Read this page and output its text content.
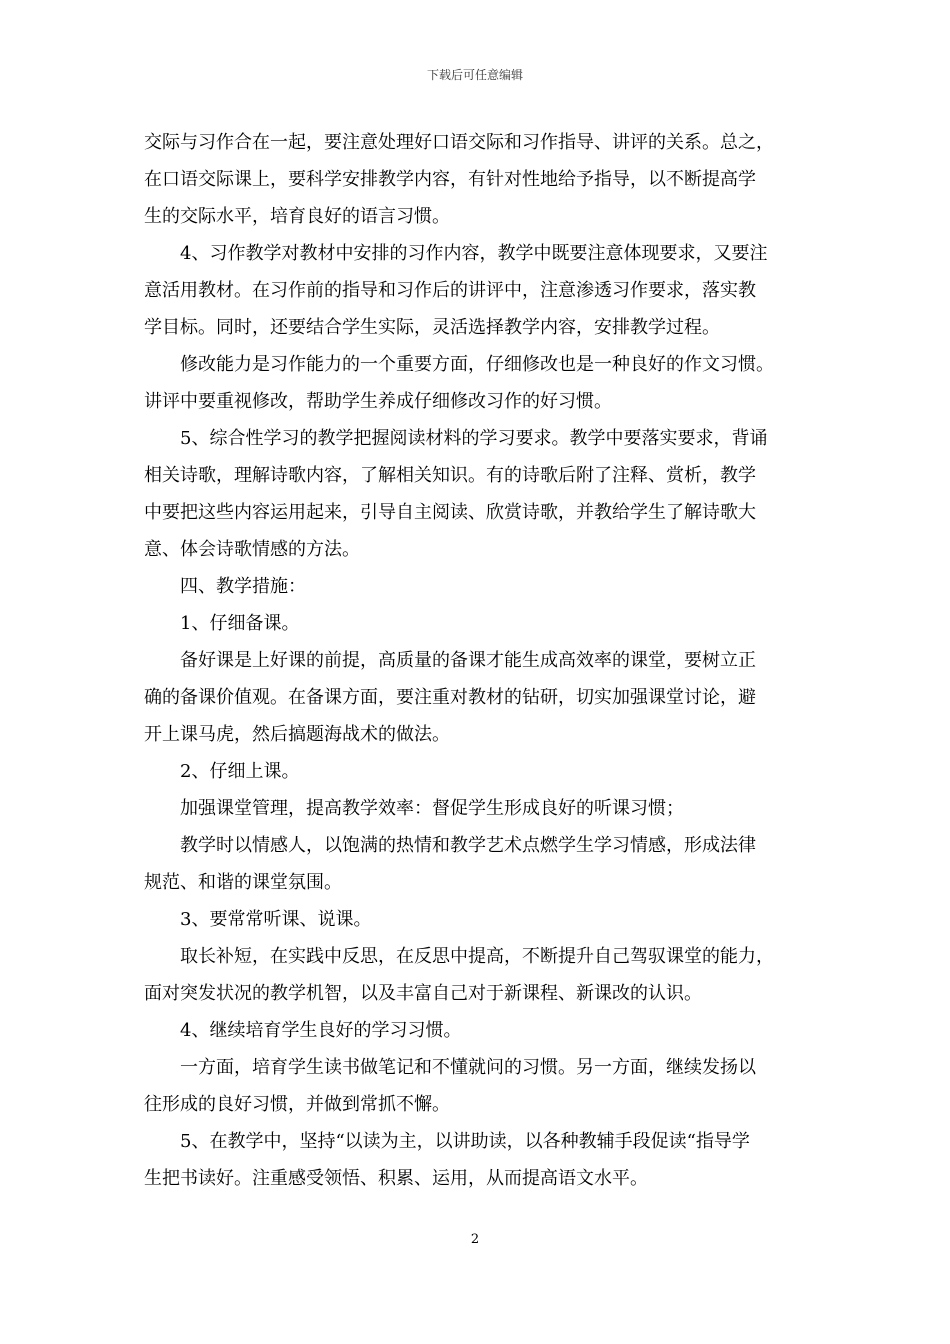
下载后可任意编辑
交际与习作合在一起，要注意处理好口语交际和习作指导、讲评的关系。总之，
在口语交际课上，要科学安排教学内容，有针对性地给予指导，以不断提高学
生的交际水平，培育良好的语言习惯。
4、习作教学对教材中安排的习作内容，教学中既要注意体现要求，又要注
意活用教材。在习作前的指导和习作后的讲评中，注意渗透习作要求，落实教
学目标。同时，还要结合学生实际，灵活选择教学内容，安排教学过程。
修改能力是习作能力的一个重要方面，仔细修改也是一种良好的作文习惯。
讲评中要重视修改，帮助学生养成仔细修改习作的好习惯。
5、综合性学习的教学把握阅读材料的学习要求。教学中要落实要求，背诵
相关诗歌，理解诗歌内容，了解相关知识。有的诗歌后附了注释、赏析，教学
中要把这些内容运用起来，引导自主阅读、欣赏诗歌，并教给学生了解诗歌大
意、体会诗歌情感的方法。
四、教学措施：
1、仔细备课。
备好课是上好课的前提，高质量的备课才能生成高效率的课堂，要树立正
确的备课价值观。在备课方面，要注重对教材的钻研，切实加强课堂讨论，避
开上课马虎，然后搞题海战术的做法。
2、仔细上课。
加强课堂管理，提高教学效率：督促学生形成良好的听课习惯；
教学时以情感人，以饱满的热情和教学艺术点燃学生学习情感，形成法律
规范、和谐的课堂氛围。
3、要常常听课、说课。
取长补短，在实践中反思，在反思中提高，不断提升自己驾驭课堂的能力，
面对突发状况的教学机智，以及丰富自己对于新课程、新课改的认识。
4、继续培育学生良好的学习习惯。
一方面，培育学生读书做笔记和不懂就问的习惯。另一方面，继续发扬以
往形成的良好习惯，并做到常抓不懈。
5、在教学中，坚持“以读为主，以讲助读，以各种教辅手段促读“指导学
生把书读好。注重感受领悟、积累、运用，从而提高语文水平。
2
